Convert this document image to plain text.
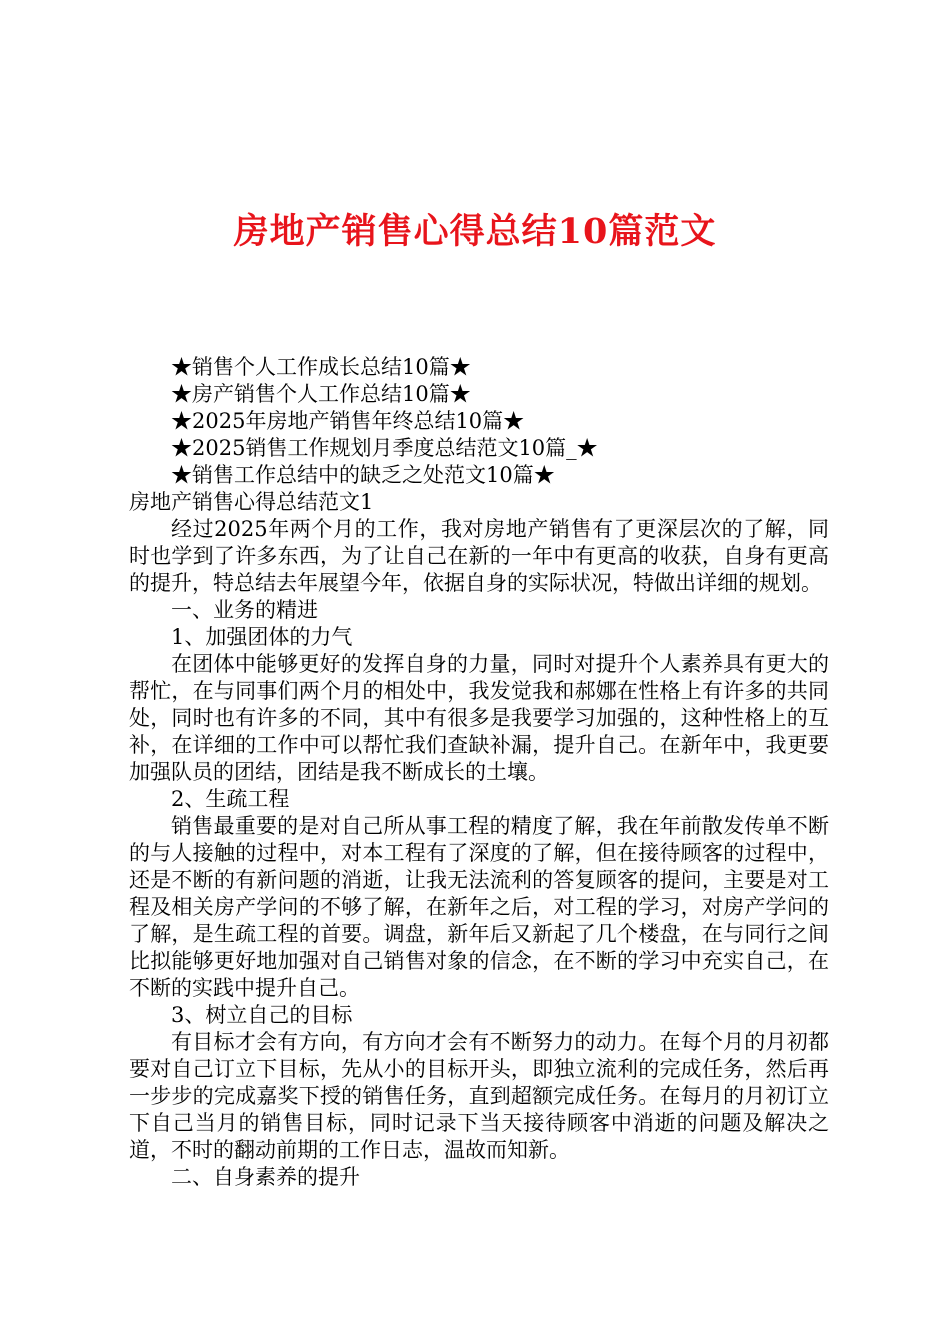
房地产销售心得总结10篇范文

★销售个人工作成长总结10篇★

★房产销售个人工作总结10篇★

★2025年房地产销售年终总结10篇★

★2025销售工作规划月季度总结范文10篇_★

★销售工作总结中的缺乏之处范文10篇★

房地产销售心得总结范文1

经过2025年两个月的工作，我对房地产销售有了更深层次的了解，同时也学到了许多东西，为了让自己在新的一年中有更高的收获，自身有更高的提升，特总结去年展望今年，依据自身的实际状况，特做出详细的规划。

一、业务的精进

1、加强团体的力气

在团体中能够更好的发挥自身的力量，同时对提升个人素养具有更大的帮忙，在与同事们两个月的相处中，我发觉我和郝娜在性格上有许多的共同处，同时也有许多的不同，其中有很多是我要学习加强的，这种性格上的互补，在详细的工作中可以帮忙我们查缺补漏，提升自己。在新年中，我更要加强队员的团结，团结是我不断成长的土壤。

2、生疏工程

销售最重要的是对自己所从事工程的精度了解，我在年前散发传单不断的与人接触的过程中，对本工程有了深度的了解，但在接待顾客的过程中，还是不断的有新问题的消逝，让我无法流利的答复顾客的提问，主要是对工程及相关房产学问的不够了解，在新年之后，对工程的学习，对房产学问的了解，是生疏工程的首要。调盘，新年后又新起了几个楼盘，在与同行之间比拟能够更好地加强对自己销售对象的信念，在不断的学习中充实自己，在不断的实践中提升自己。

3、树立自己的目标

有目标才会有方向，有方向才会有不断努力的动力。在每个月的月初都要对自己订立下目标，先从小的目标开头，即独立流利的完成任务，然后再一步步的完成嘉奖下授的销售任务，直到超额完成任务。在每月的月初订立下自己当月的销售目标，同时记录下当天接待顾客中消逝的问题及解决之道，不时的翻动前期的工作日志，温故而知新。

二、自身素养的提升
